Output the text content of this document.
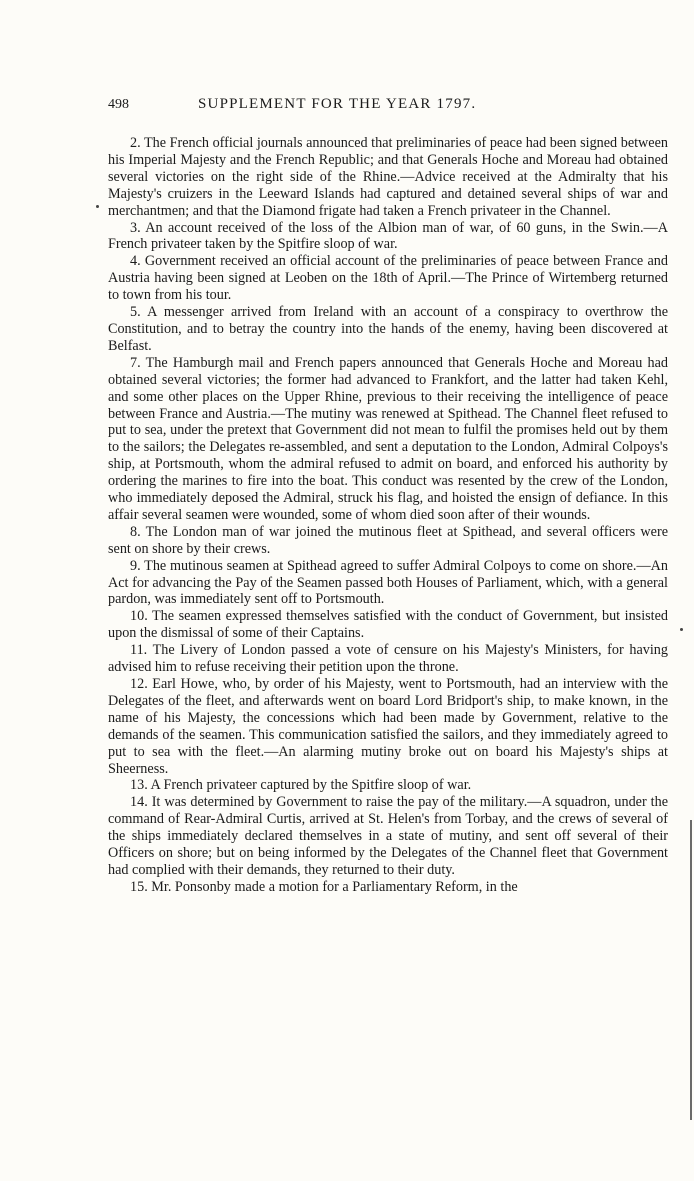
498	SUPPLEMENT FOR THE YEAR 1797.

2. The French official journals announced that preliminaries of peace had been signed between his Imperial Majesty and the French Republic; and that Generals Hoche and Moreau had obtained several victories on the right side of the Rhine.—Advice received at the Admiralty that his Majesty's cruizers in the Leeward Islands had captured and detained several ships of war and merchantmen; and that the Diamond frigate had taken a French privateer in the Channel.

3. An account received of the loss of the Albion man of war, of 60 guns, in the Swin.—A French privateer taken by the Spitfire sloop of war.

4. Government received an official account of the preliminaries of peace between France and Austria having been signed at Leoben on the 18th of April.—The Prince of Wirtemberg returned to town from his tour.

5. A messenger arrived from Ireland with an account of a conspiracy to overthrow the Constitution, and to betray the country into the hands of the enemy, having been discovered at Belfast.

7. The Hamburgh mail and French papers announced that Generals Hoche and Moreau had obtained several victories; the former had advanced to Frankfort, and the latter had taken Kehl, and some other places on the Upper Rhine, previous to their receiving the intelligence of peace between France and Austria.—The mutiny was renewed at Spithead. The Channel fleet refused to put to sea, under the pretext that Government did not mean to fulfil the promises held out by them to the sailors; the Delegates re-assembled, and sent a deputation to the London, Admiral Colpoys's ship, at Portsmouth, whom the admiral refused to admit on board, and enforced his authority by ordering the marines to fire into the boat. This conduct was resented by the crew of the London, who immediately deposed the Admiral, struck his flag, and hoisted the ensign of defiance. In this affair several seamen were wounded, some of whom died soon after of their wounds.

8. The London man of war joined the mutinous fleet at Spithead, and several officers were sent on shore by their crews.

9. The mutinous seamen at Spithead agreed to suffer Admiral Colpoys to come on shore.—An Act for advancing the Pay of the Seamen passed both Houses of Parliament, which, with a general pardon, was immediately sent off to Portsmouth.

10. The seamen expressed themselves satisfied with the conduct of Government, but insisted upon the dismissal of some of their Captains.

11. The Livery of London passed a vote of censure on his Majesty's Ministers, for having advised him to refuse receiving their petition upon the throne.

12. Earl Howe, who, by order of his Majesty, went to Portsmouth, had an interview with the Delegates of the fleet, and afterwards went on board Lord Bridport's ship, to make known, in the name of his Majesty, the concessions which had been made by Government, relative to the demands of the seamen. This communication satisfied the sailors, and they immediately agreed to put to sea with the fleet.—An alarming mutiny broke out on board his Majesty's ships at Sheerness.

13. A French privateer captured by the Spitfire sloop of war.

14. It was determined by Government to raise the pay of the military.—A squadron, under the command of Rear-Admiral Curtis, arrived at St. Helen's from Torbay, and the crews of several of the ships immediately declared themselves in a state of mutiny, and sent off several of their Officers on shore; but on being informed by the Delegates of the Channel fleet that Government had complied with their demands, they returned to their duty.

15. Mr. Ponsonby made a motion for a Parliamentary Reform, in the
